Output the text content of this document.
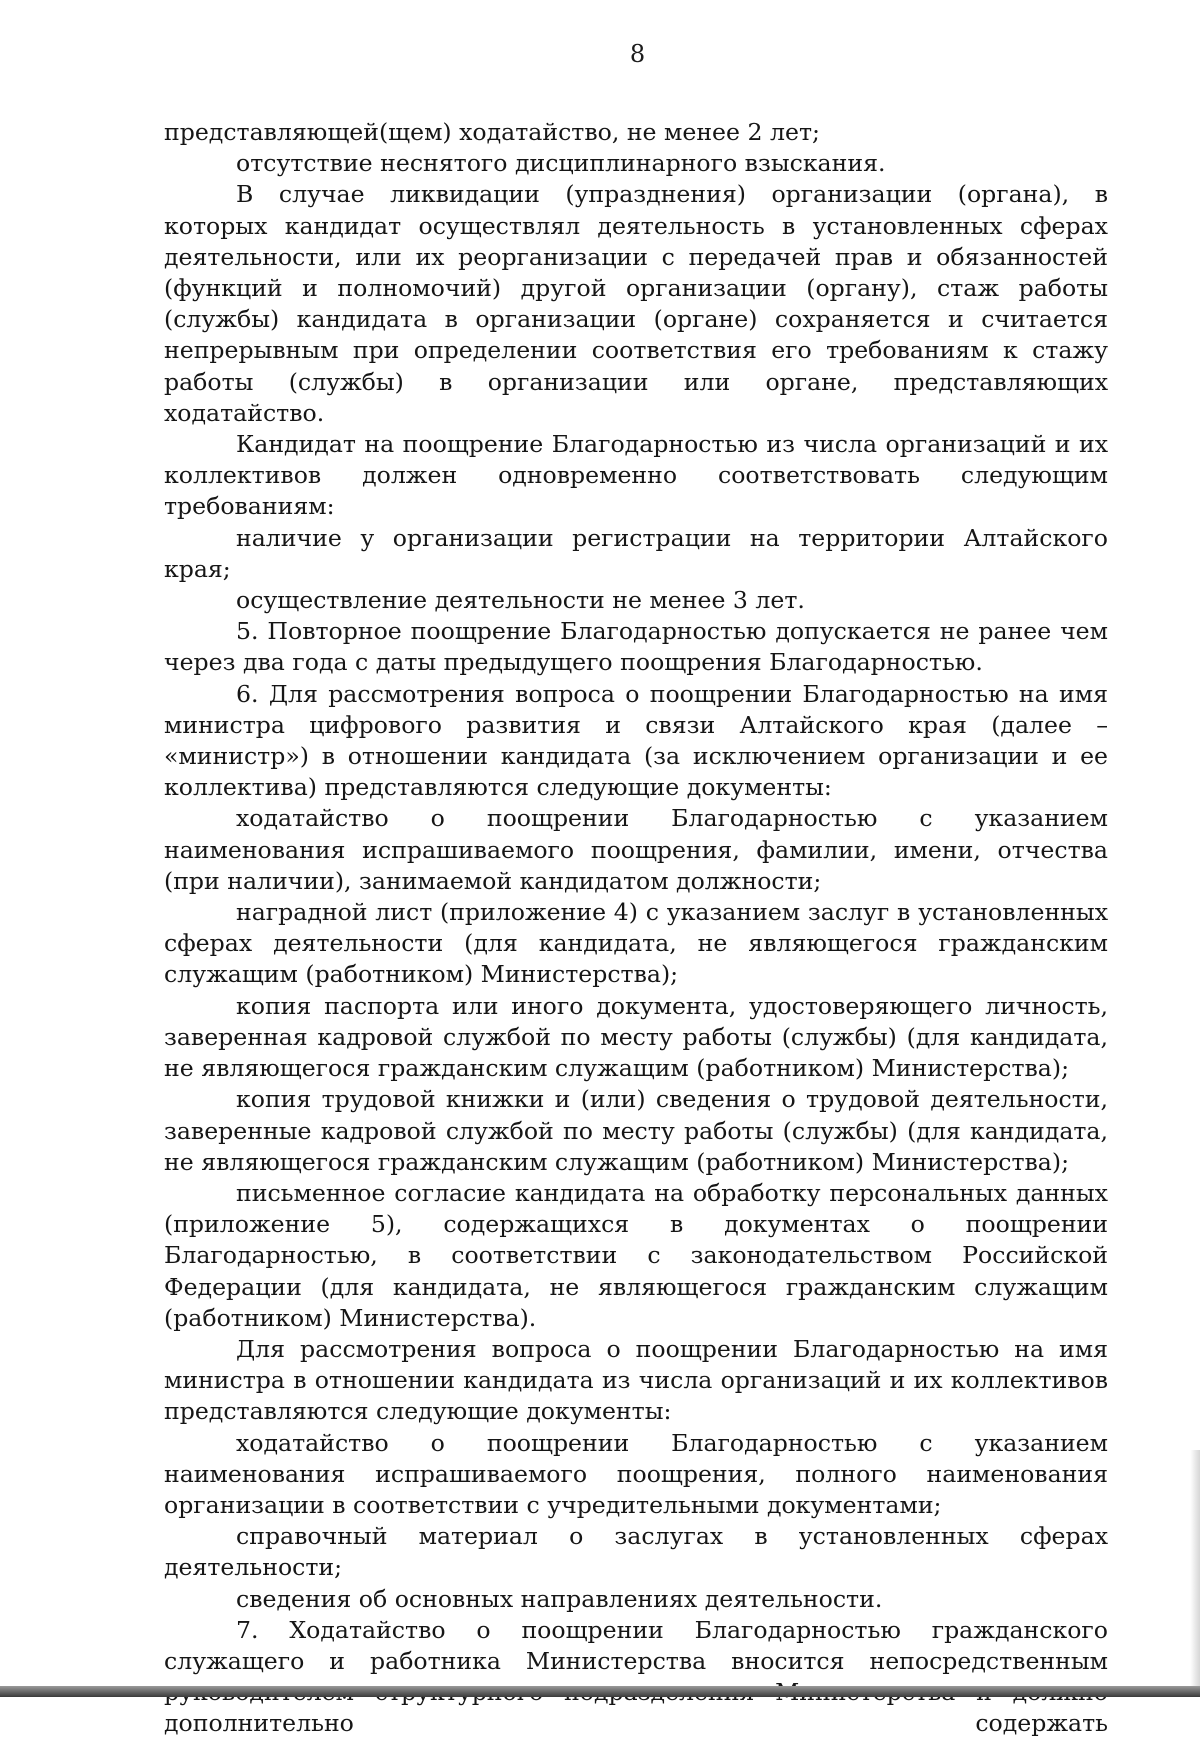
8

представляющей(щем) ходатайство, не менее 2 лет;

отсутствие неснятого дисциплинарного взыскания.

В случае ликвидации (упразднения) организации (органа), в которых кандидат осуществлял деятельность в установленных сферах деятельности, или их реорганизации с передачей прав и обязанностей (функций и полномочий) другой организации (органу), стаж работы (службы) кандидата в организации (органе) сохраняется и считается непрерывным при определении соответствия его требованиям к стажу работы (службы) в организации или органе, представляющих ходатайство.

Кандидат на поощрение Благодарностью из числа организаций и их коллективов должен одновременно соответствовать следующим требованиям:

наличие у организации регистрации на территории Алтайского края;

осуществление деятельности не менее 3 лет.

5. Повторное поощрение Благодарностью допускается не ранее чем через два года с даты предыдущего поощрения Благодарностью.

6. Для рассмотрения вопроса о поощрении Благодарностью на имя министра цифрового развития и связи Алтайского края (далее – «министр») в отношении кандидата (за исключением организации и ее коллектива) представляются следующие документы:

ходатайство о поощрении Благодарностью с указанием наименования испрашиваемого поощрения, фамилии, имени, отчества (при наличии), занимаемой кандидатом должности;

наградной лист (приложение 4) с указанием заслуг в установленных сферах деятельности (для кандидата, не являющегося гражданским служащим (работником) Министерства);

копия паспорта или иного документа, удостоверяющего личность, заверенная кадровой службой по месту работы (службы) (для кандидата, не являющегося гражданским служащим (работником) Министерства);

копия трудовой книжки и (или) сведения о трудовой деятельности, заверенные кадровой службой по месту работы (службы) (для кандидата, не являющегося гражданским служащим (работником) Министерства);

письменное согласие кандидата на обработку персональных данных (приложение 5), содержащихся в документах о поощрении Благодарностью, в соответствии с законодательством Российской Федерации (для кандидата, не являющегося гражданским служащим (работником) Министерства).

Для рассмотрения вопроса о поощрении Благодарностью на имя министра в отношении кандидата из числа организаций и их коллективов представляются следующие документы:

ходатайство о поощрении Благодарностью с указанием наименования испрашиваемого поощрения, полного наименования организации в соответствии с учредительными документами;

справочный материал о заслугах в установленных сферах деятельности;

сведения об основных направлениях деятельности.

7. Ходатайство о поощрении Благодарностью гражданского служащего и работника Министерства вносится непосредственным дополнительно содержать
